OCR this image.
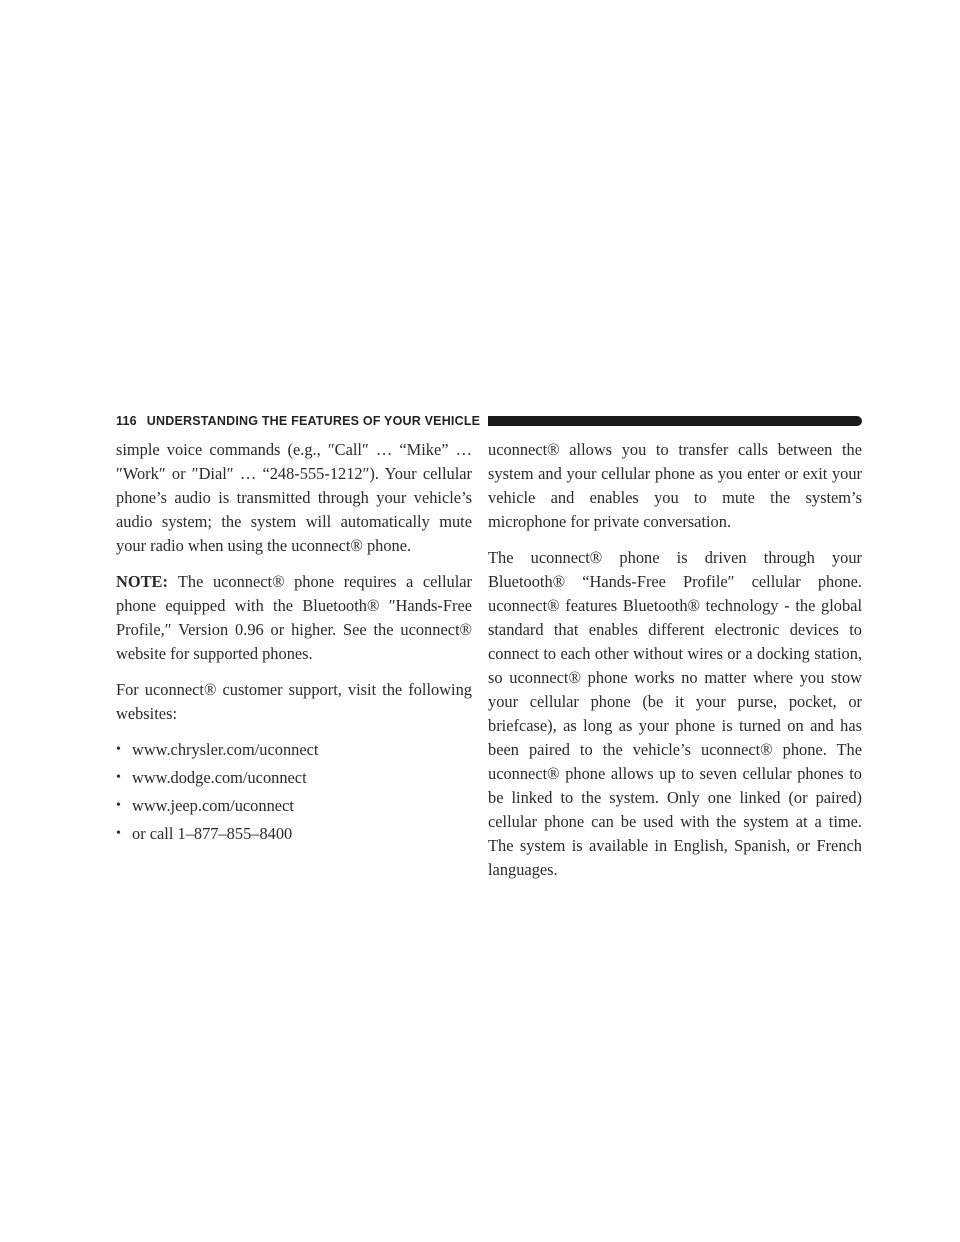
116 UNDERSTANDING THE FEATURES OF YOUR VEHICLE

simple voice commands (e.g., ″Call″ … “Mike” …″Work″ or ″Dial″ … “248-555-1212″). Your cellular phone’s audio is transmitted through your vehicle’s audio system; the system will automatically mute your radio when using the uconnect® phone.

NOTE: The uconnect® phone requires a cellular phone equipped with the Bluetooth® ″Hands-Free Profile,″ Version 0.96 or higher. See the uconnect® website for supported phones.

For uconnect® customer support, visit the following websites:

• www.chrysler.com/uconnect
• www.dodge.com/uconnect
• www.jeep.com/uconnect
• or call 1–877–855–8400

uconnect® allows you to transfer calls between the system and your cellular phone as you enter or exit your vehicle and enables you to mute the system’s microphone for private conversation.

The uconnect® phone is driven through your Bluetooth® “Hands-Free Profile″ cellular phone. uconnect® features Bluetooth® technology - the global standard that enables different electronic devices to connect to each other without wires or a docking station, so uconnect® phone works no matter where you stow your cellular phone (be it your purse, pocket, or briefcase), as long as your phone is turned on and has been paired to the vehicle’s uconnect® phone. The uconnect® phone allows up to seven cellular phones to be linked to the system. Only one linked (or paired) cellular phone can be used with the system at a time. The system is available in English, Spanish, or French languages.
